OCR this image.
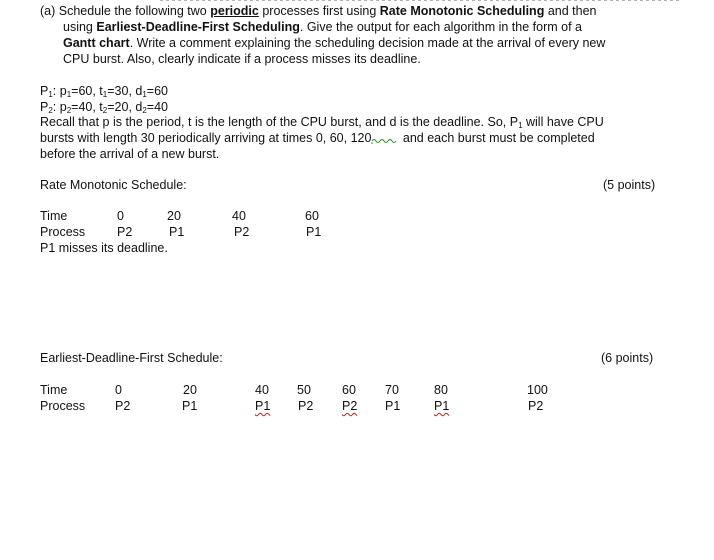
(a) Schedule the following two periodic processes first using Rate Monotonic Scheduling and then
using Earliest-Deadline-First Scheduling. Give the output for each algorithm in the form of a
Gantt chart. Write a comment explaining the scheduling decision made at the arrival of every new
CPU burst. Also, clearly indicate if a process misses its deadline.
$P_1$: $p_1=60$, $t_1=30$, $d_1=60$
$P_2$: $p_2=40$, $t_2=20$, $d_2=40$
Recall that p is the period, t is the length of the CPU burst, and d is the deadline. So, $P_1$ will have CPU
bursts with length 30 periodically arriving at times 0, 60, 120 and each burst must be completed
before the arrival of a new burst.
Rate Monotonic Schedule:	(5 points)
Time	0	20	40	60
Process	P2	P1	P2	P1
P1 misses its deadline.
Earliest-Deadline-First Schedule:	(6 points)
Time	0	20	40 50 60 70	80	100
Process P2	P1	P1 P2 P2 P1	P1	P2
